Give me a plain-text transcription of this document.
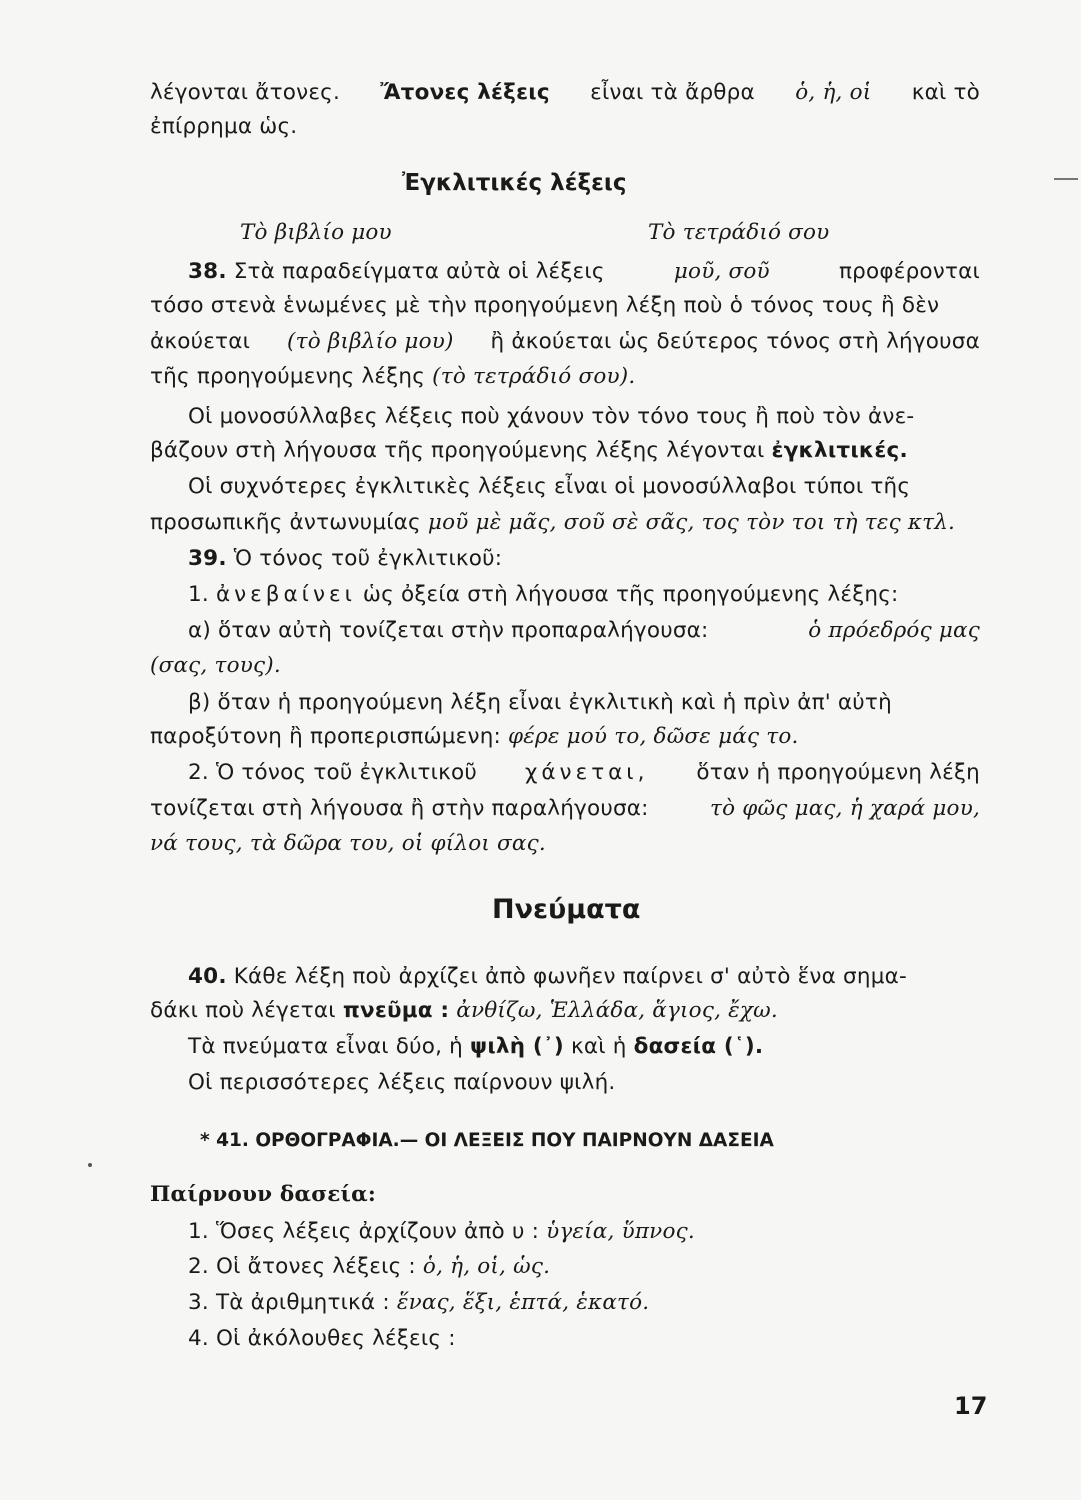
λέγονται ἄτονες. Ἄτονες λέξεις εἶναι τὰ ἄρθρα ὁ, ἡ, οἱ καὶ τὸ
ἐπίρρημα ὡς.
Ἐγκλιτικές λέξεις
Τὸ βιβλίο μου	Τὸ τετράδιό σου
38. Στὰ παραδείγματα αὐτὰ οἱ λέξεις	μοῦ, σοῦ	προφέρονται
τόσο στενὰ ἑνωμένες μὲ τὴν προηγούμενη λέξη ποὺ ὁ τόνος τους ἢ δὲν
ἀκούεται (τὸ βιβλίο μου) ἢ ἀκούεται ὡς δεύτερος τόνος στὴ λήγουσα
τῆς προηγούμενης λέξης (τὸ τετράδιό σου).
Οἱ μονοσύλλαβες λέξεις ποὺ χάνουν τὸν τόνο τους ἢ ποὺ τὸν ἀνε-
βάζουν στὴ λήγουσα τῆς προηγούμενης λέξης λέγονται ἐγκλιτικές.
Οἱ συχνότερες ἐγκλιτικὲς λέξεις εἶναι οἱ μονοσύλλαβοι τύποι τῆς
προσωπικῆς ἀντωνυμίας μοῦ μὲ μᾶς, σοῦ σὲ σᾶς, τος τὸν τοι τὴ τες κτλ.
39. Ὁ τόνος τοῦ ἐγκλιτικοῦ:
1. ἀνεβαίνει ὡς ὀξεία στὴ λήγουσα τῆς προηγούμενης λέξης:
α) ὅταν αὐτὴ τονίζεται στὴν προπαραλήγουσα:	ὁ πρόεδρός μας
(σας, τους).
β) ὅταν ἡ προηγούμενη λέξη εἶναι ἐγκλιτικὴ καὶ ἡ πρὶν ἀπ' αὐτὴ
παροξύτονη ἢ προπερισπώμενη: φέρε μού το, δῶσε μάς το.
2. Ὁ τόνος τοῦ ἐγκλιτικοῦ χάνεται, ὅταν ἡ προηγούμενη λέξη
τονίζεται στὴ λήγουσα ἢ στὴν παραλήγουσα:	τὸ φῶς μας, ἡ χαρά μου,
νά τους, τὰ δῶρα του, οἱ φίλοι σας.
Πνεύματα
40. Κάθε λέξη ποὺ ἀρχίζει ἀπὸ φωνῆεν παίρνει σ' αὐτὸ ἕνα σημα-
δάκι ποὺ λέγεται πνεῦμα : ἀνθίζω, Ἑλλάδα, ἅγιος, ἔχω.
Τὰ πνεύματα εἶναι δύο, ἡ ψιλὴ (᾿) καὶ ἡ δασεία (῾).
Οἱ περισσότερες λέξεις παίρνουν ψιλή.
* 41. ΟΡΘΟΓΡΑΦΙΑ.— ΟΙ ΛΕΞΕΙΣ ΠΟΥ ΠΑΙΡΝΟΥΝ ΔΑΣΕΙΑ
Παίρνουν δασεία:
1. Ὅσες λέξεις ἀρχίζουν ἀπὸ υ : ὑγεία, ὕπνος.
2. Οἱ ἄτονες λέξεις : ὁ, ἡ, οἱ, ὡς.
3. Τὰ ἀριθμητικά : ἕνας, ἕξι, ἑπτά, ἑκατό.
4. Οἱ ἀκόλουθες λέξεις :
17
